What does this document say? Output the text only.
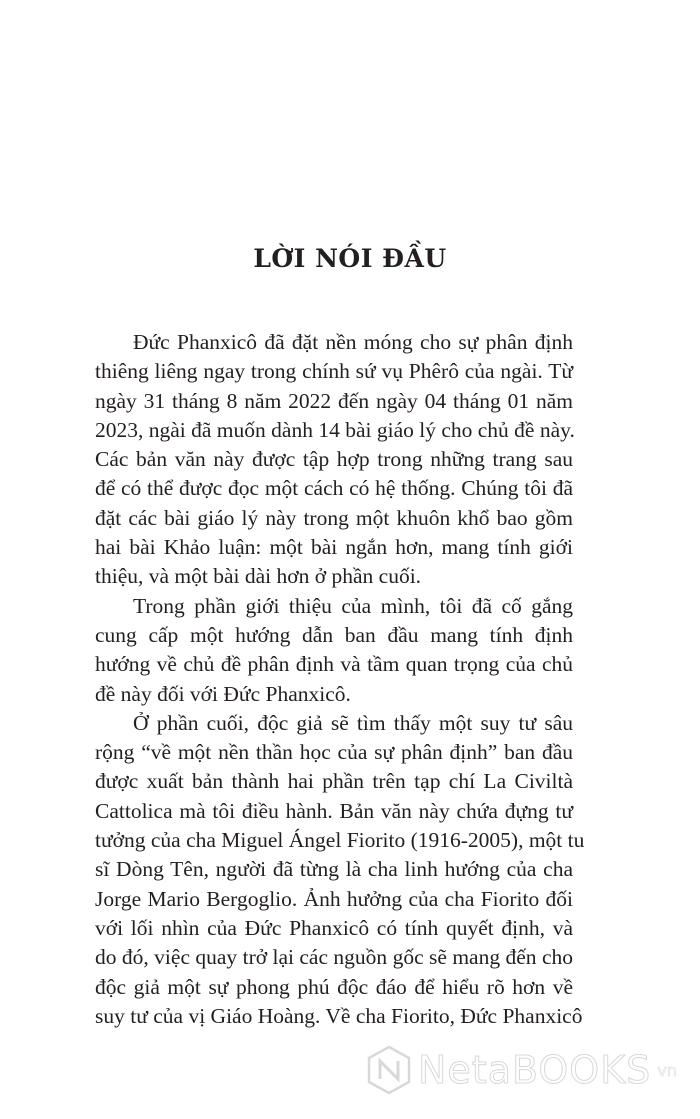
LỜI NÓI ĐẦU
Đức Phanxicô đã đặt nền móng cho sự phân định
thiêng liêng ngay trong chính sứ vụ Phêrô của ngài. Từ
ngày 31 tháng 8 năm 2022 đến ngày 04 tháng 01 năm
2023, ngài đã muốn dành 14 bài giáo lý cho chủ đề này.
Các bản văn này được tập hợp trong những trang sau
để có thể được đọc một cách có hệ thống. Chúng tôi đã
đặt các bài giáo lý này trong một khuôn khổ bao gồm
hai bài Khảo luận: một bài ngắn hơn, mang tính giới
thiệu, và một bài dài hơn ở phần cuối.
Trong phần giới thiệu của mình, tôi đã cố gắng
cung cấp một hướng dẫn ban đầu mang tính định
hướng về chủ đề phân định và tầm quan trọng của chủ
đề này đối với Đức Phanxicô.
Ở phần cuối, độc giả sẽ tìm thấy một suy tư sâu
rộng “về một nền thần học của sự phân định” ban đầu
được xuất bản thành hai phần trên tạp chí La Civiltà
Cattolica mà tôi điều hành. Bản văn này chứa đựng tư
tưởng của cha Miguel Ángel Fiorito (1916-2005), một tu
sĩ Dòng Tên, người đã từng là cha linh hướng của cha
Jorge Mario Bergoglio. Ảnh hưởng của cha Fiorito đối
với lối nhìn của Đức Phanxicô có tính quyết định, và
do đó, việc quay trở lại các nguồn gốc sẽ mang đến cho
độc giả một sự phong phú độc đáo để hiểu rõ hơn về
suy tư của vị Giáo Hoàng. Về cha Fiorito, Đức Phanxicô
NetaBOOKS vn
